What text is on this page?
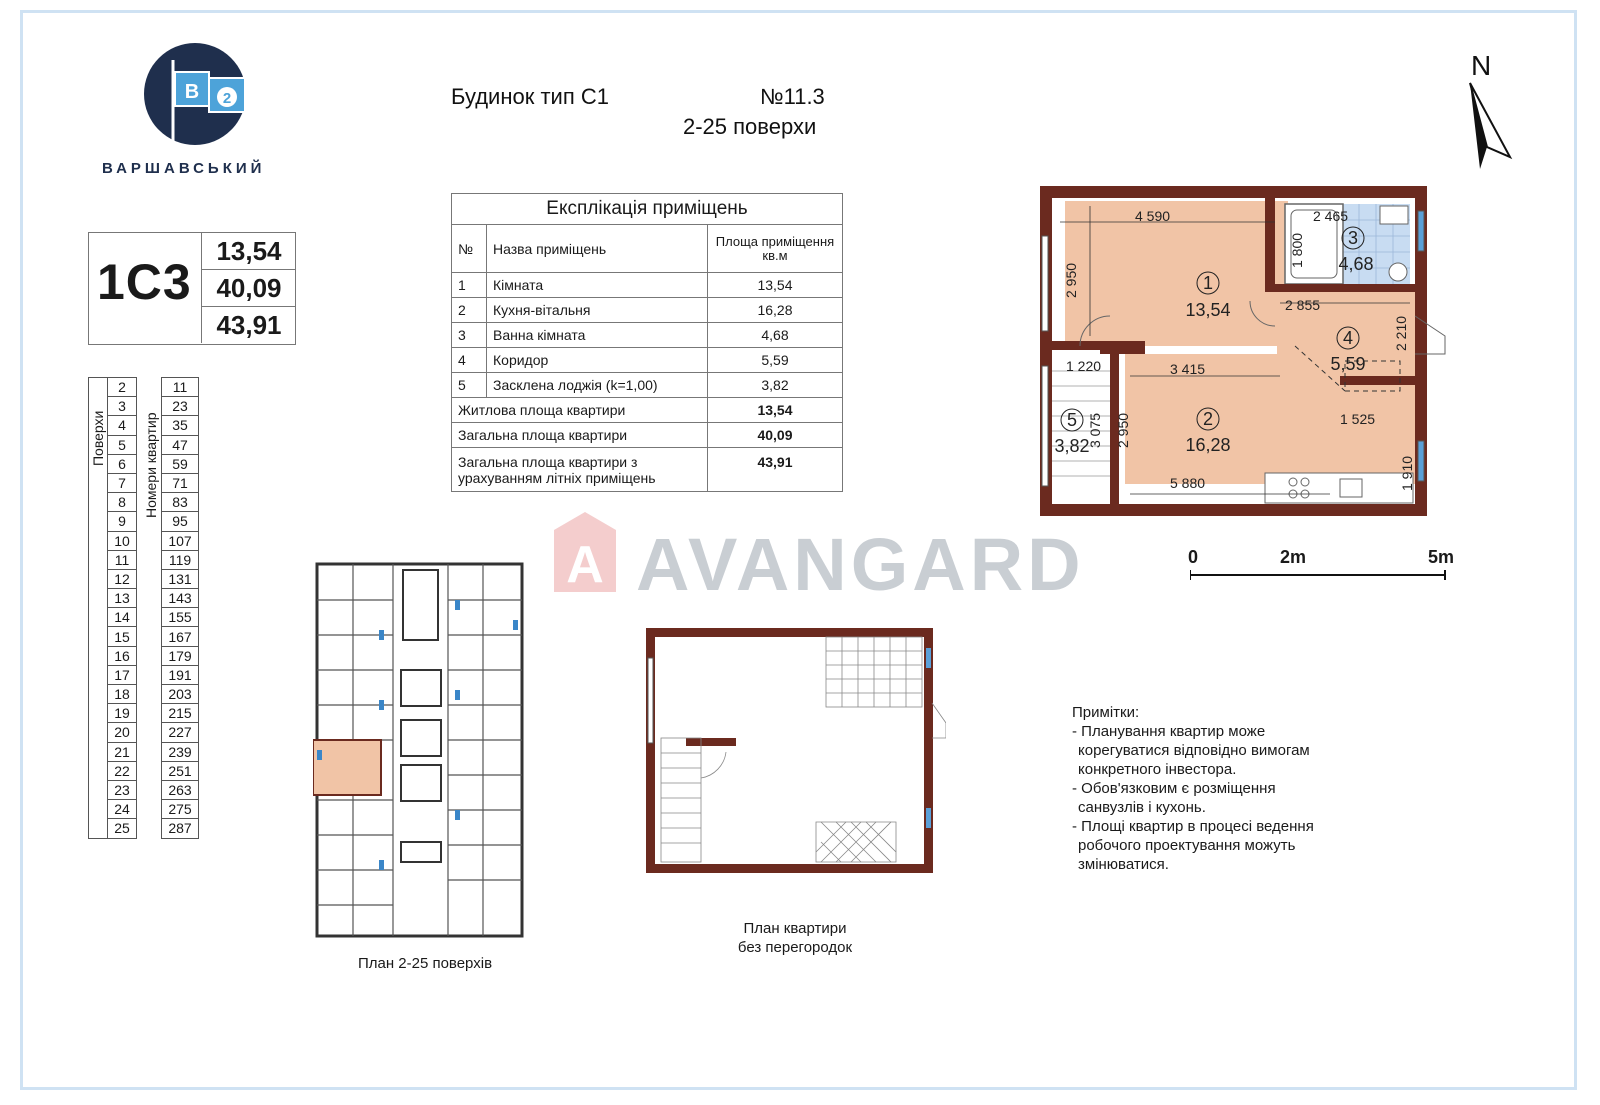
B 2
ВАРШАВСЬКИЙ
Будинок тип С1	№11.3
2-25 поверхи
1С3
13,54
40,09
43,91
Експлікація приміщень		
№	Назва приміщень	Площа приміщення кв.м
1	Кімната	13,54
2	Кухня-вітальня	16,28
3	Ванна кімната	4,68
4	Коридор	5,59
5	Засклена лоджія (k=1,00)	3,82
Житлова площа квартири		13,54
Загальна площа квартири		40,09
Загальна площа квартири з урахуванням літніх приміщень		43,91
Поверхи	Номери квартир
	2		11
	3		23
	4		35
	5		47
	6		59
	7		71
	8		83
	9		95
	10		107
	11		119
	12		131
	13		143
	14		155
	15		167
	16		179
	17		191
	18		203
	19		215
	20		227
	21		239
	22		251
	23		263
	24		275
	25		287
A AVANGARD
N
4 590	2 465
2 855
1 220	3 415
1 525
5 880
1 800
2 950
2 210
3 075 2 950
1 910
1
13,54
2
16,28
3
4,68
4
5,59
5
3,82
0	2m	5m
План 2-25 поверхів
План квартири
без перегородок
Примітки:
- Планування квартир може
корегуватися відповідно вимогам
конкретного інвестора.
- Обов'язковим є розміщення
санвузлів і кухонь.
- Площі квартир в процесі ведення
робочого проектування можуть
змінюватися.
